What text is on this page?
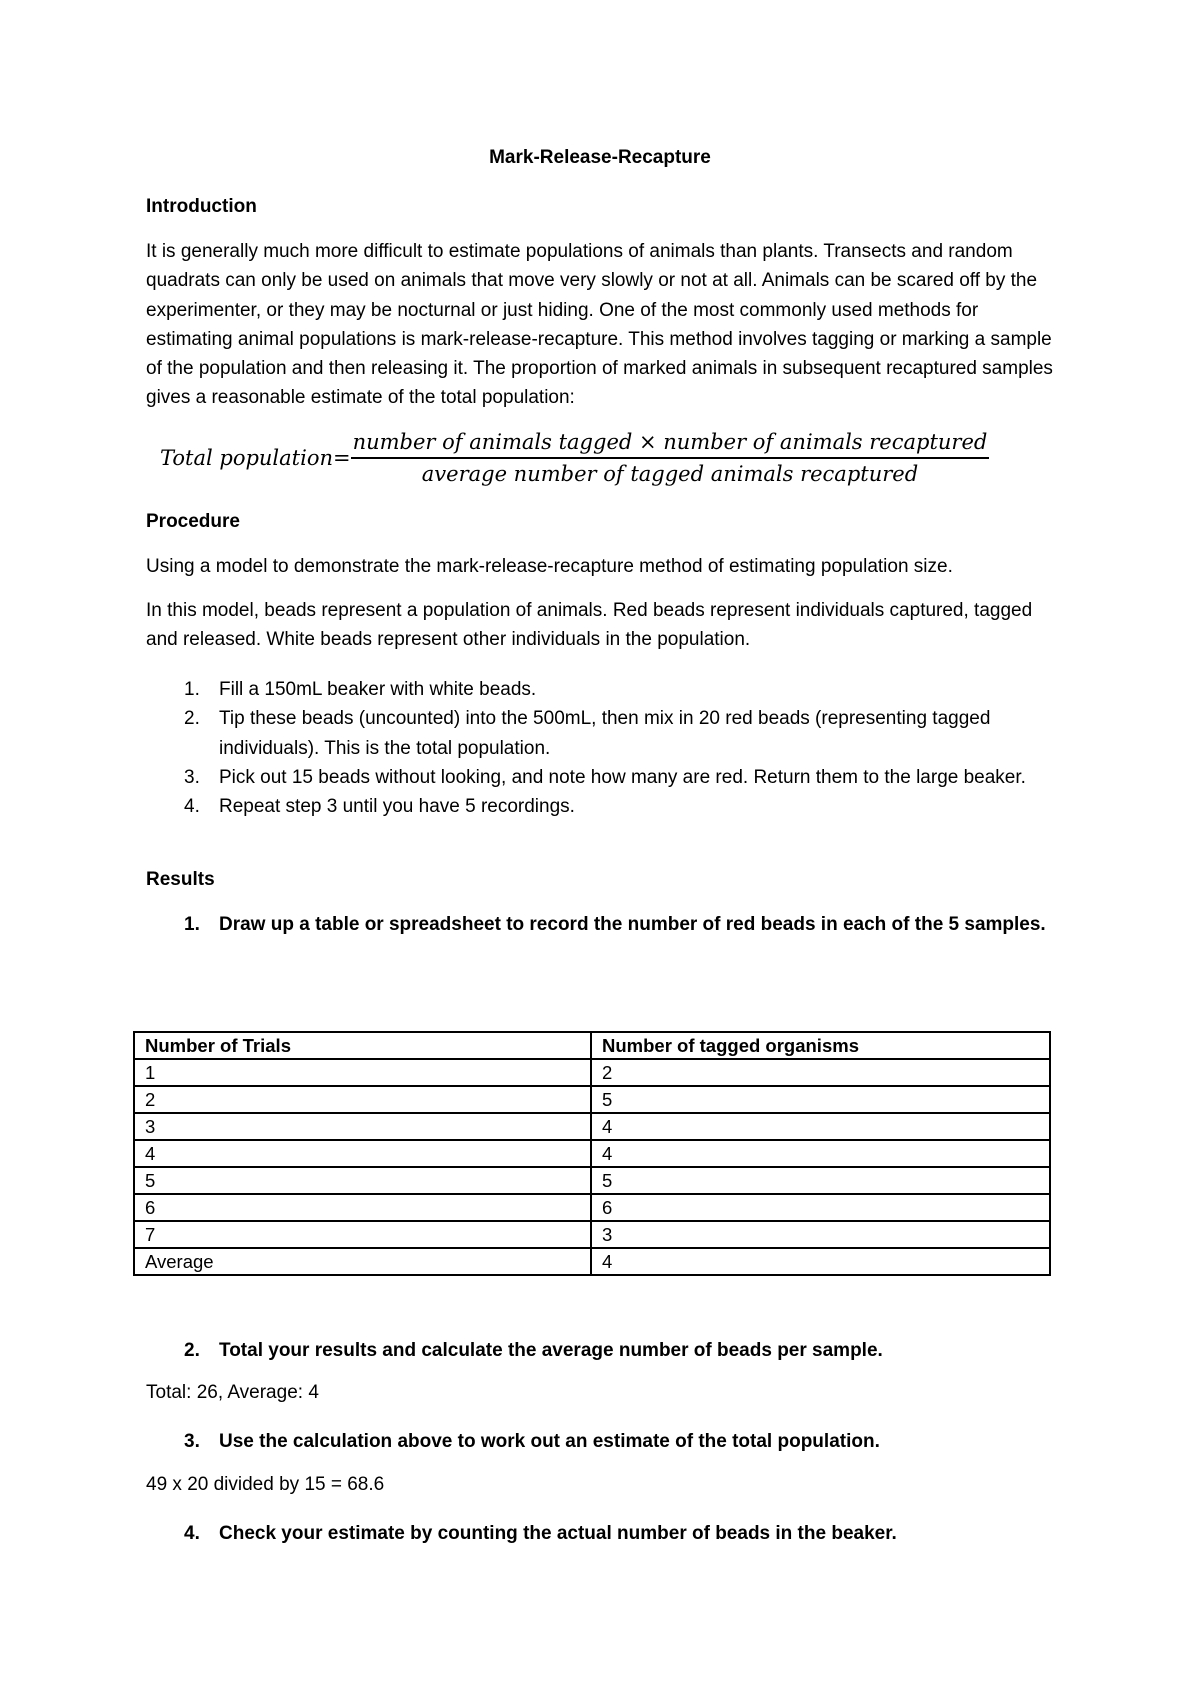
Mark-Release-Recapture
Introduction

It is generally much more difficult to estimate populations of animals than plants. Transects and random quadrats can only be used on animals that move very slowly or not at all. Animals can be scared off by the experimenter, or they may be nocturnal or just hiding. One of the most commonly used methods for estimating animal populations is mark-release-recapture. This method involves tagging or marking a sample of the population and then releasing it. The proportion of marked animals in subsequent recaptured samples gives a reasonable estimate of the total population:

Total population= $\frac{\text{number of animals tagged × number of animals recaptured}}{\text{average number of tagged animals recaptured}}$
Procedure
Using a model to demonstrate the mark-release-recapture method of estimating population size.

In this model, beads represent a population of animals. Red beads represent individuals captured, tagged and released. White beads represent other individuals in the population.

1. Fill a 150mL beaker with white beads.
2. Tip these beads (uncounted) into the 500mL, then mix in 20 red beads (representing tagged individuals). This is the total population.
3. Pick out 15 beads without looking, and note how many are red. Return them to the large beaker.
4. Repeat step 3 until you have 5 recordings.
Results
1.	Draw up a table or spreadsheet to record the number of red beads in each of the 5 samples.
Number of Trials	Number of tagged organisms
1	2
2	5
3	4
4	4
5	5
6	6
7	3
Average	4
2.	Total your results and calculate the average number of beads per sample.
Total: 26, Average: 4
3.	Use the calculation above to work out an estimate of the total population.
49 x 20 divided by 15 = 68.6
4.	Check your estimate by counting the actual number of beads in the beaker.
